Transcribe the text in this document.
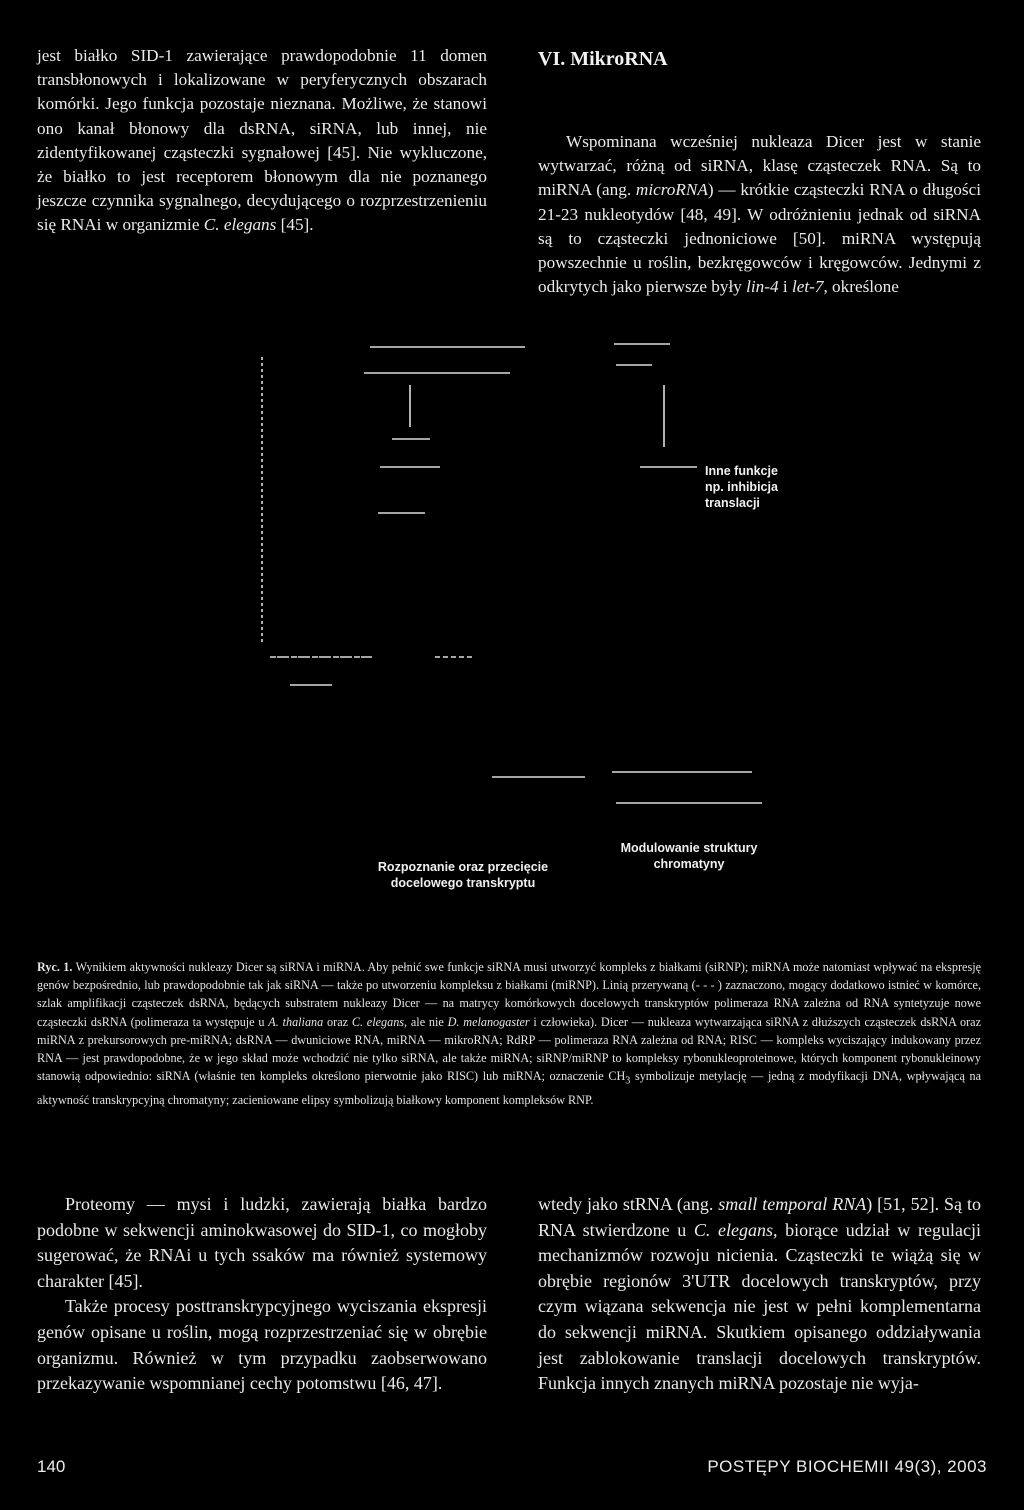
jest białko SID-1 zawierające prawdopodobnie 11 domen transbłonowych i lokalizowane w peryferycznych obszarach komórki. Jego funkcja pozostaje nieznana. Możliwe, że stanowi ono kanał błonowy dla dsRNA, siRNA, lub innej, nie zidentyfikowanej cząsteczki sygnałowej [45]. Nie wykluczone, że białko to jest receptorem błonowym dla nie poznanego jeszcze czynnika sygnalnego, decydującego o rozprzestrzenieniu się RNAi w organizmie C. elegans [45].

VI. MikroRNA

Wspominana wcześniej nukleaza Dicer jest w stanie wytwarzać, różną od siRNA, klasę cząsteczek RNA. Są to miRNA (ang. microRNA) — krótkie cząsteczki RNA o długości 21-23 nukleotydów [48, 49]. W odróżnieniu jednak od siRNA są to cząsteczki jednoniciowe [50]. miRNA występują powszechnie u roślin, bezkręgowców i kręgowców. Jednymi z odkrytych jako pierwsze były lin-4 i let-7, określone

Inne funkcje
np. inhibicja
translacji
Rozpoznanie oraz przecięcie
docelowego transkryptu
Modulowanie struktury
chromatyny
Ryc. 1. Wynikiem aktywności nukleazy Dicer są siRNA i miRNA. Aby pełnić swe funkcje siRNA musi utworzyć kompleks z białkami (siRNP); miRNA może natomiast wpływać na ekspresję genów bezpośrednio, lub prawdopodobnie tak jak siRNA — także po utworzeniu kompleksu z białkami (miRNP). Linią przerywaną (- - - ) zaznaczono, mogący dodatkowo istnieć w komórce, szlak amplifikacji cząsteczek dsRNA, będących substratem nukleazy Dicer — na matrycy komórkowych docelowych transkryptów polimeraza RNA zależna od RNA syntetyzuje nowe cząsteczki dsRNA (polimeraza ta występuje u A. thaliana oraz C. elegans, ale nie D. melanogaster i człowieka). Dicer — nukleaza wytwarzająca siRNA z dłuższych cząsteczek dsRNA oraz miRNA z prekursorowych pre-miRNA; dsRNA — dwuniciowe RNA, miRNA — mikroRNA; RdRP — polimeraza RNA zależna od RNA; RISC — kompleks wyciszający indukowany przez RNA — jest prawdopodobne, że w jego skład może wchodzić nie tylko siRNA, ale także miRNA; siRNP/miRNP to kompleksy rybonukleoproteinowe, których komponent rybonukleinowy stanowią odpowiednio: siRNA (właśnie ten kompleks określono pierwotnie jako RISC) lub miRNA; oznaczenie $CH_3$ symbolizuje metylację — jedną z modyfikacji DNA, wpływającą na aktywność transkrypcyjną chromatyny; zacieniowane elipsy symbolizują białkowy komponent kompleksów RNP.

Proteomy — mysi i ludzki, zawierają białka bardzo podobne w sekwencji aminokwasowej do SID-1, co mogłoby sugerować, że RNAi u tych ssaków ma również systemowy charakter [45].

Także procesy posttranskrypcyjnego wyciszania ekspresji genów opisane u roślin, mogą rozprzestrzeniać się w obrębie organizmu. Również w tym przypadku zaobserwowano przekazywanie wspomnianej cechy potomstwu [46, 47].

wtedy jako stRNA (ang. small temporal RNA) [51, 52]. Są to RNA stwierdzone u C. elegans, biorące udział w regulacji mechanizmów rozwoju nicienia. Cząsteczki te wiążą się w obrębie regionów 3'UTR docelowych transkryptów, przy czym wiązana sekwencja nie jest w pełni komplementarna do sekwencji miRNA. Skutkiem opisanego oddziaływania jest zablokowanie translacji docelowych transkryptów. Funkcja innych znanych miRNA pozostaje nie wyja-

140	POSTĘPY BIOCHEMII 49(3), 2003
